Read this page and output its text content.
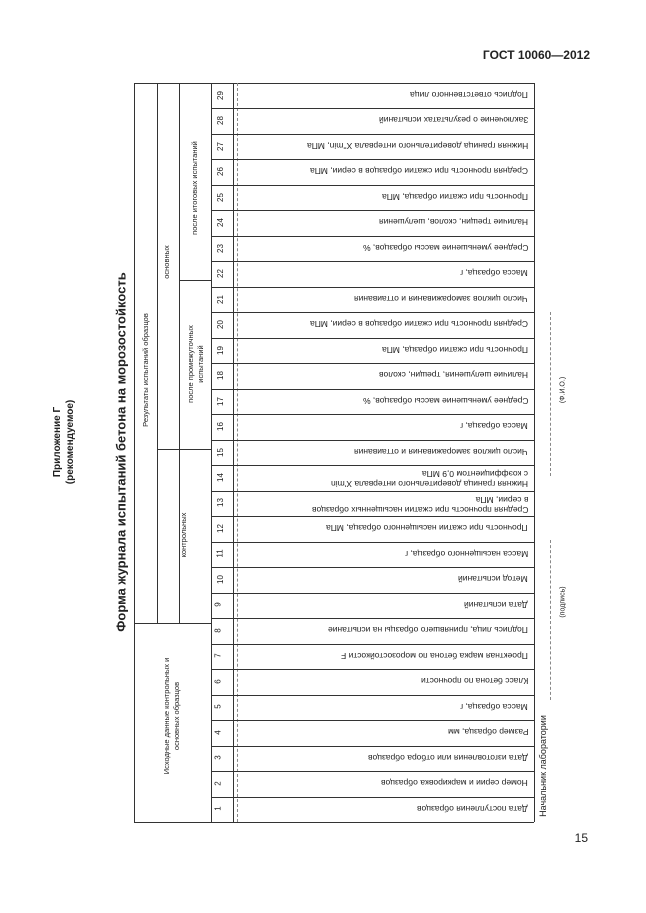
ГОСТ 10060—2012
Приложение Г (рекомендуемое)	Форма журнала испытаний бетона на морозостойкость
Исходные данные контрольных и основных образцов
Результаты испытаний образцов
контрольных
основных
после промежуточных испытаний
после итоговых испытаний
1	Дата поступления образцов
2	Номер серии и маркировка образцов
3	Дата изготовления или отбора образцов
4	Размер образца, мм
5	Масса образца, г
6	Класс бетона по прочности
7	Проектная марка бетона по морозостойкости F
8	Подпись лица, принявшего образцы на испытание
9	Дата испытаний
10	Метод испытаний
11	Масса насыщенного образца, г
12	Прочность при сжатии насыщенного образца, МПа
13
Средняя прочность при сжатии насыщенных образцов
в серии, МПа
14
Нижняя граница доверительного интервала X'min
с коэффициентом 0,9 МПа
15	Число циклов замораживания и оттаивания
16	Масса образца, г
17	Среднее уменьшение массы образцов, %
18	Наличие шелушения, трещин, сколов
19	Прочность при сжатии образца, МПа
20	Средняя прочность при сжатии образцов в серии, МПа
21	Число циклов замораживания и оттаивания
22	Масса образца, г
23	Среднее уменьшение массы образцов, %
24	Наличие трещин, сколов, шелушения
25	Прочность при сжатии образца, МПа
26	Средняя прочность при сжатии образцов в серии, МПа
27	Нижняя граница доверительного интервала X''min, МПа
28	Заключение о результатах испытаний
29	Подпись ответственного лица
Начальник лаборатории
(подпись)
(Ф.И.О.)
15
